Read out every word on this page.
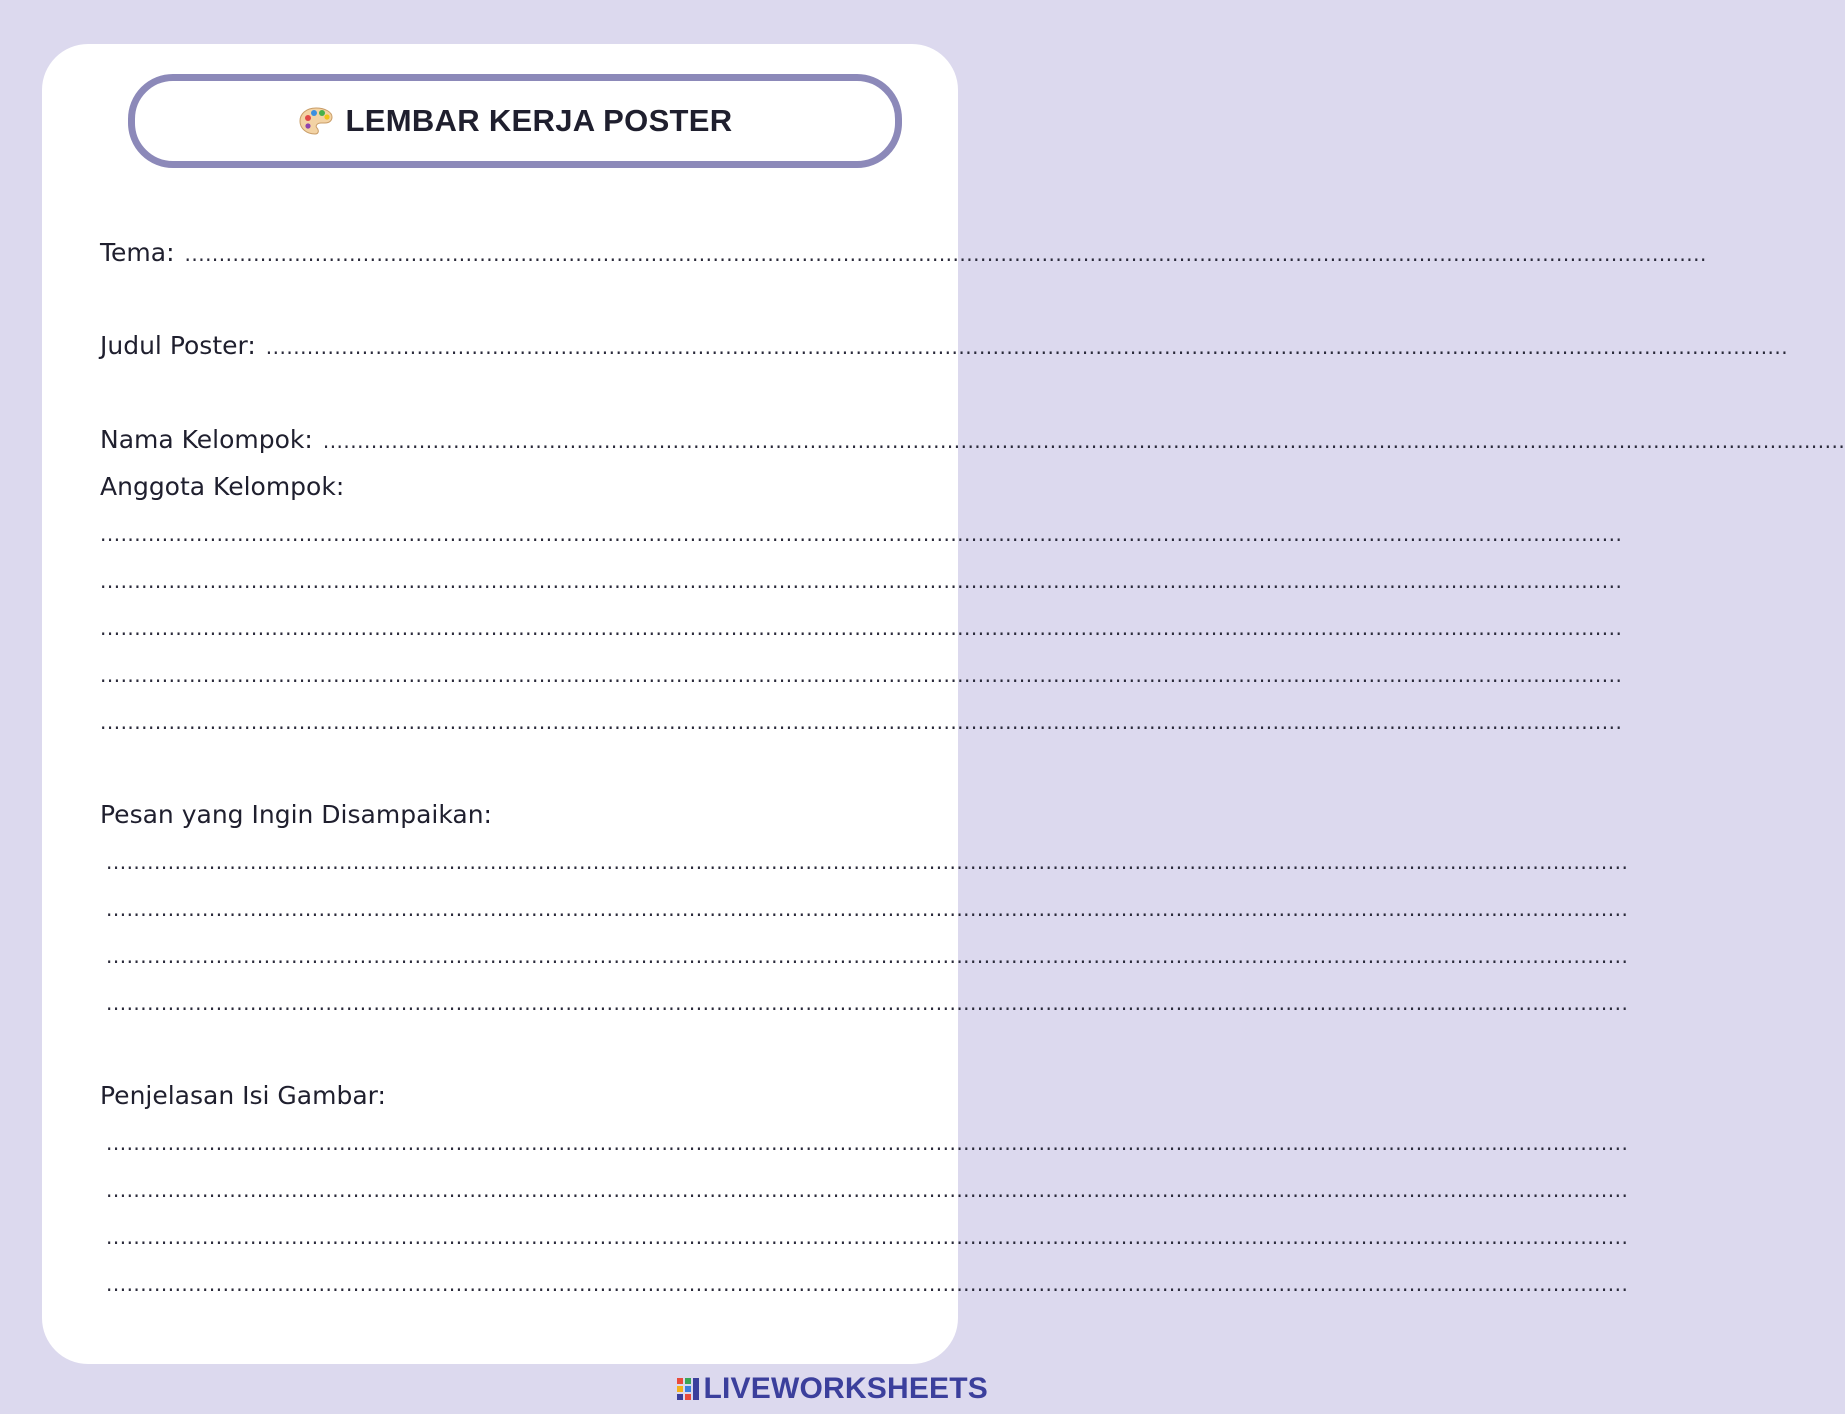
LEMBAR KERJA POSTER
Tema: ..............................................................................................................................................................................................................................
Judul Poster: ..............................................................................................................................................................................................................................
Nama Kelompok: ..............................................................................................................................................................................................................................
Anggota Kelompok:
..............................................................................................................................................................................................................................
..............................................................................................................................................................................................................................
..............................................................................................................................................................................................................................
..............................................................................................................................................................................................................................
..............................................................................................................................................................................................................................
Pesan yang Ingin Disampaikan:
..............................................................................................................................................................................................................................
..............................................................................................................................................................................................................................
..............................................................................................................................................................................................................................
..............................................................................................................................................................................................................................
Penjelasan Isi Gambar:
..............................................................................................................................................................................................................................
..............................................................................................................................................................................................................................
..............................................................................................................................................................................................................................
..............................................................................................................................................................................................................................
LIVEWORKSHEETS
